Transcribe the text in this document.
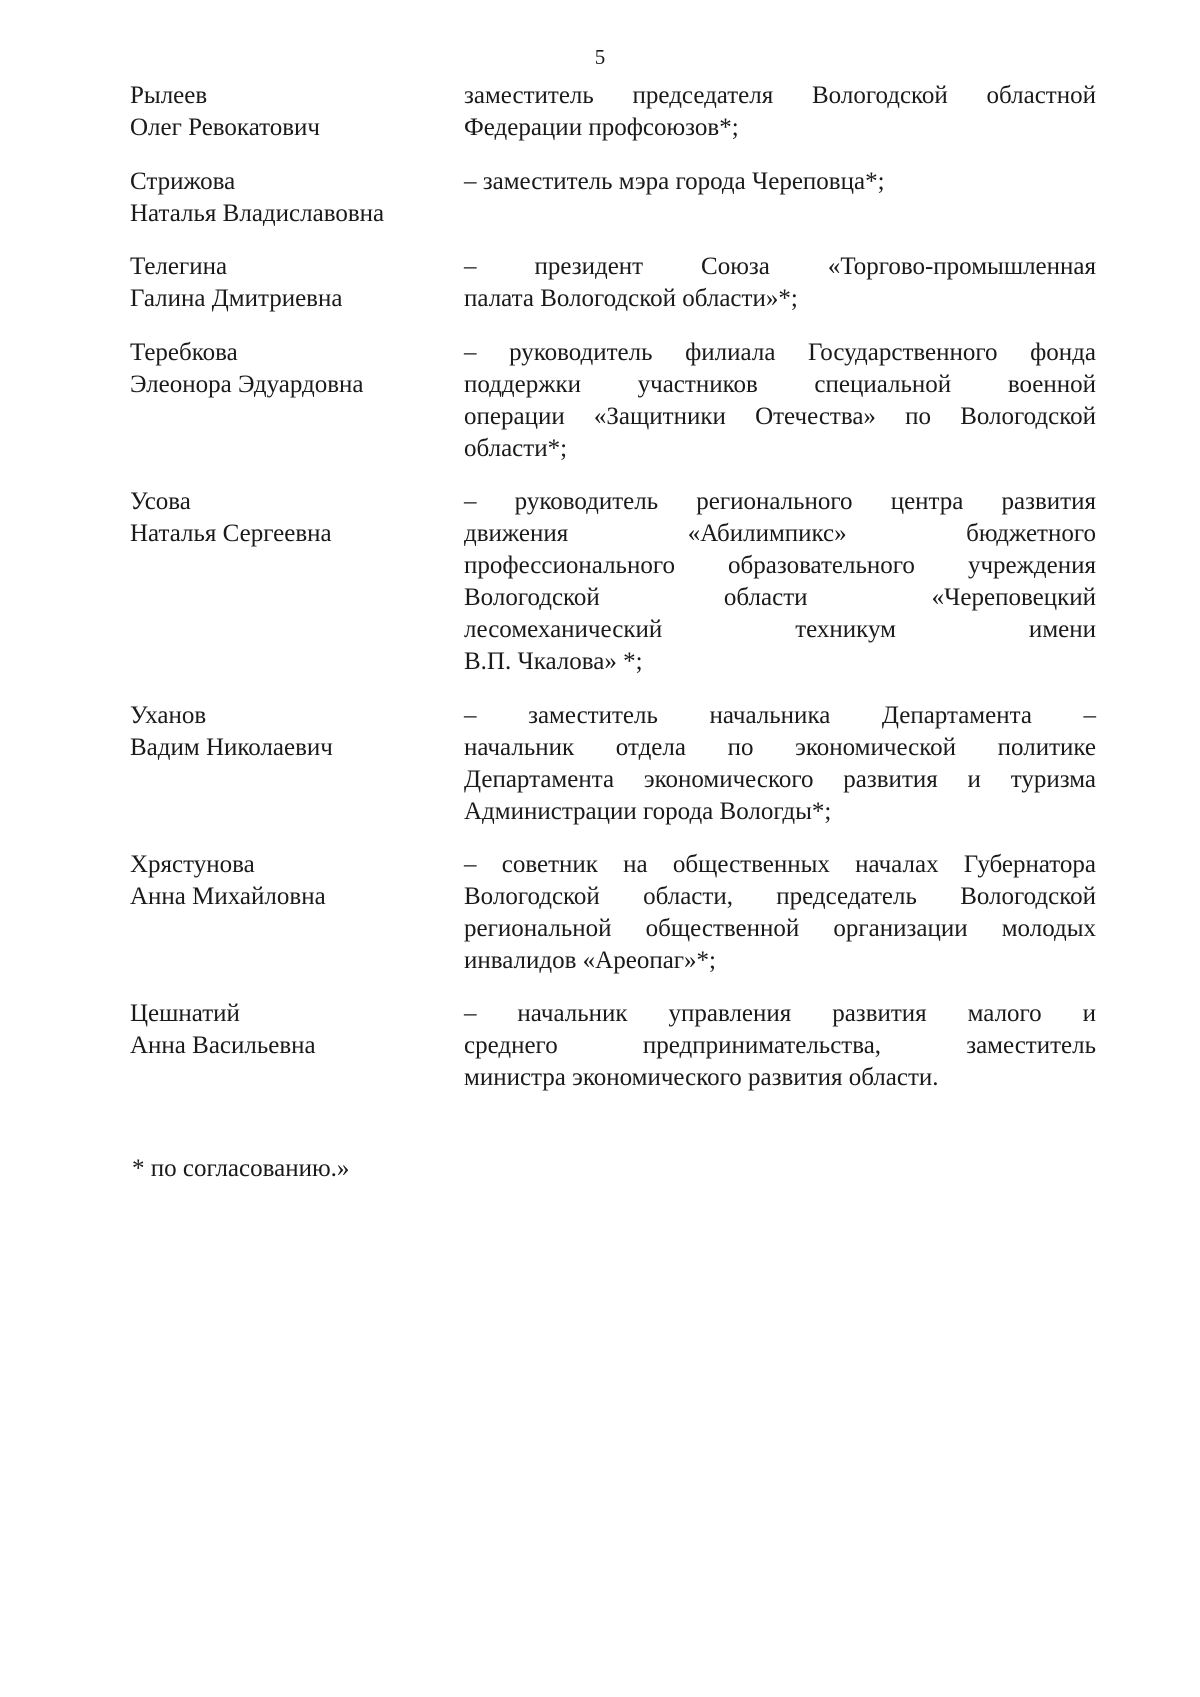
5
Рылеев
Олег Ревокатович
заместитель председателя Вологодской областной
Федерации профсоюзов*;
Стрижова
Наталья Владиславовна
– заместитель мэра города Череповца*;
Телегина
Галина Дмитриевна
– президент Союза «Торгово-промышленная
палата Вологодской области»*;
Теребкова
Элеонора Эдуардовна
– руководитель филиала Государственного фонда
поддержки участников специальной военной
операции «Защитники Отечества» по Вологодской
области*;
Усова
Наталья Сергеевна
– руководитель регионального центра развития
движения «Абилимпикс» бюджетного
профессионального образовательного учреждения
Вологодской области «Череповецкий
лесомеханический техникум имени
В.П. Чкалова» *;
Уханов
Вадим Николаевич
– заместитель начальника Департамента –
начальник отдела по экономической политике
Департамента экономического развития и туризма
Администрации города Вологды*;
Хрястунова
Анна Михайловна
– советник на общественных началах Губернатора
Вологодской области, председатель Вологодской
региональной общественной организации молодых
инвалидов «Ареопаг»*;
Цешнатий
Анна Васильевна
– начальник управления развития малого и
среднего предпринимательства, заместитель
министра экономического развития области.
* по согласованию.»
